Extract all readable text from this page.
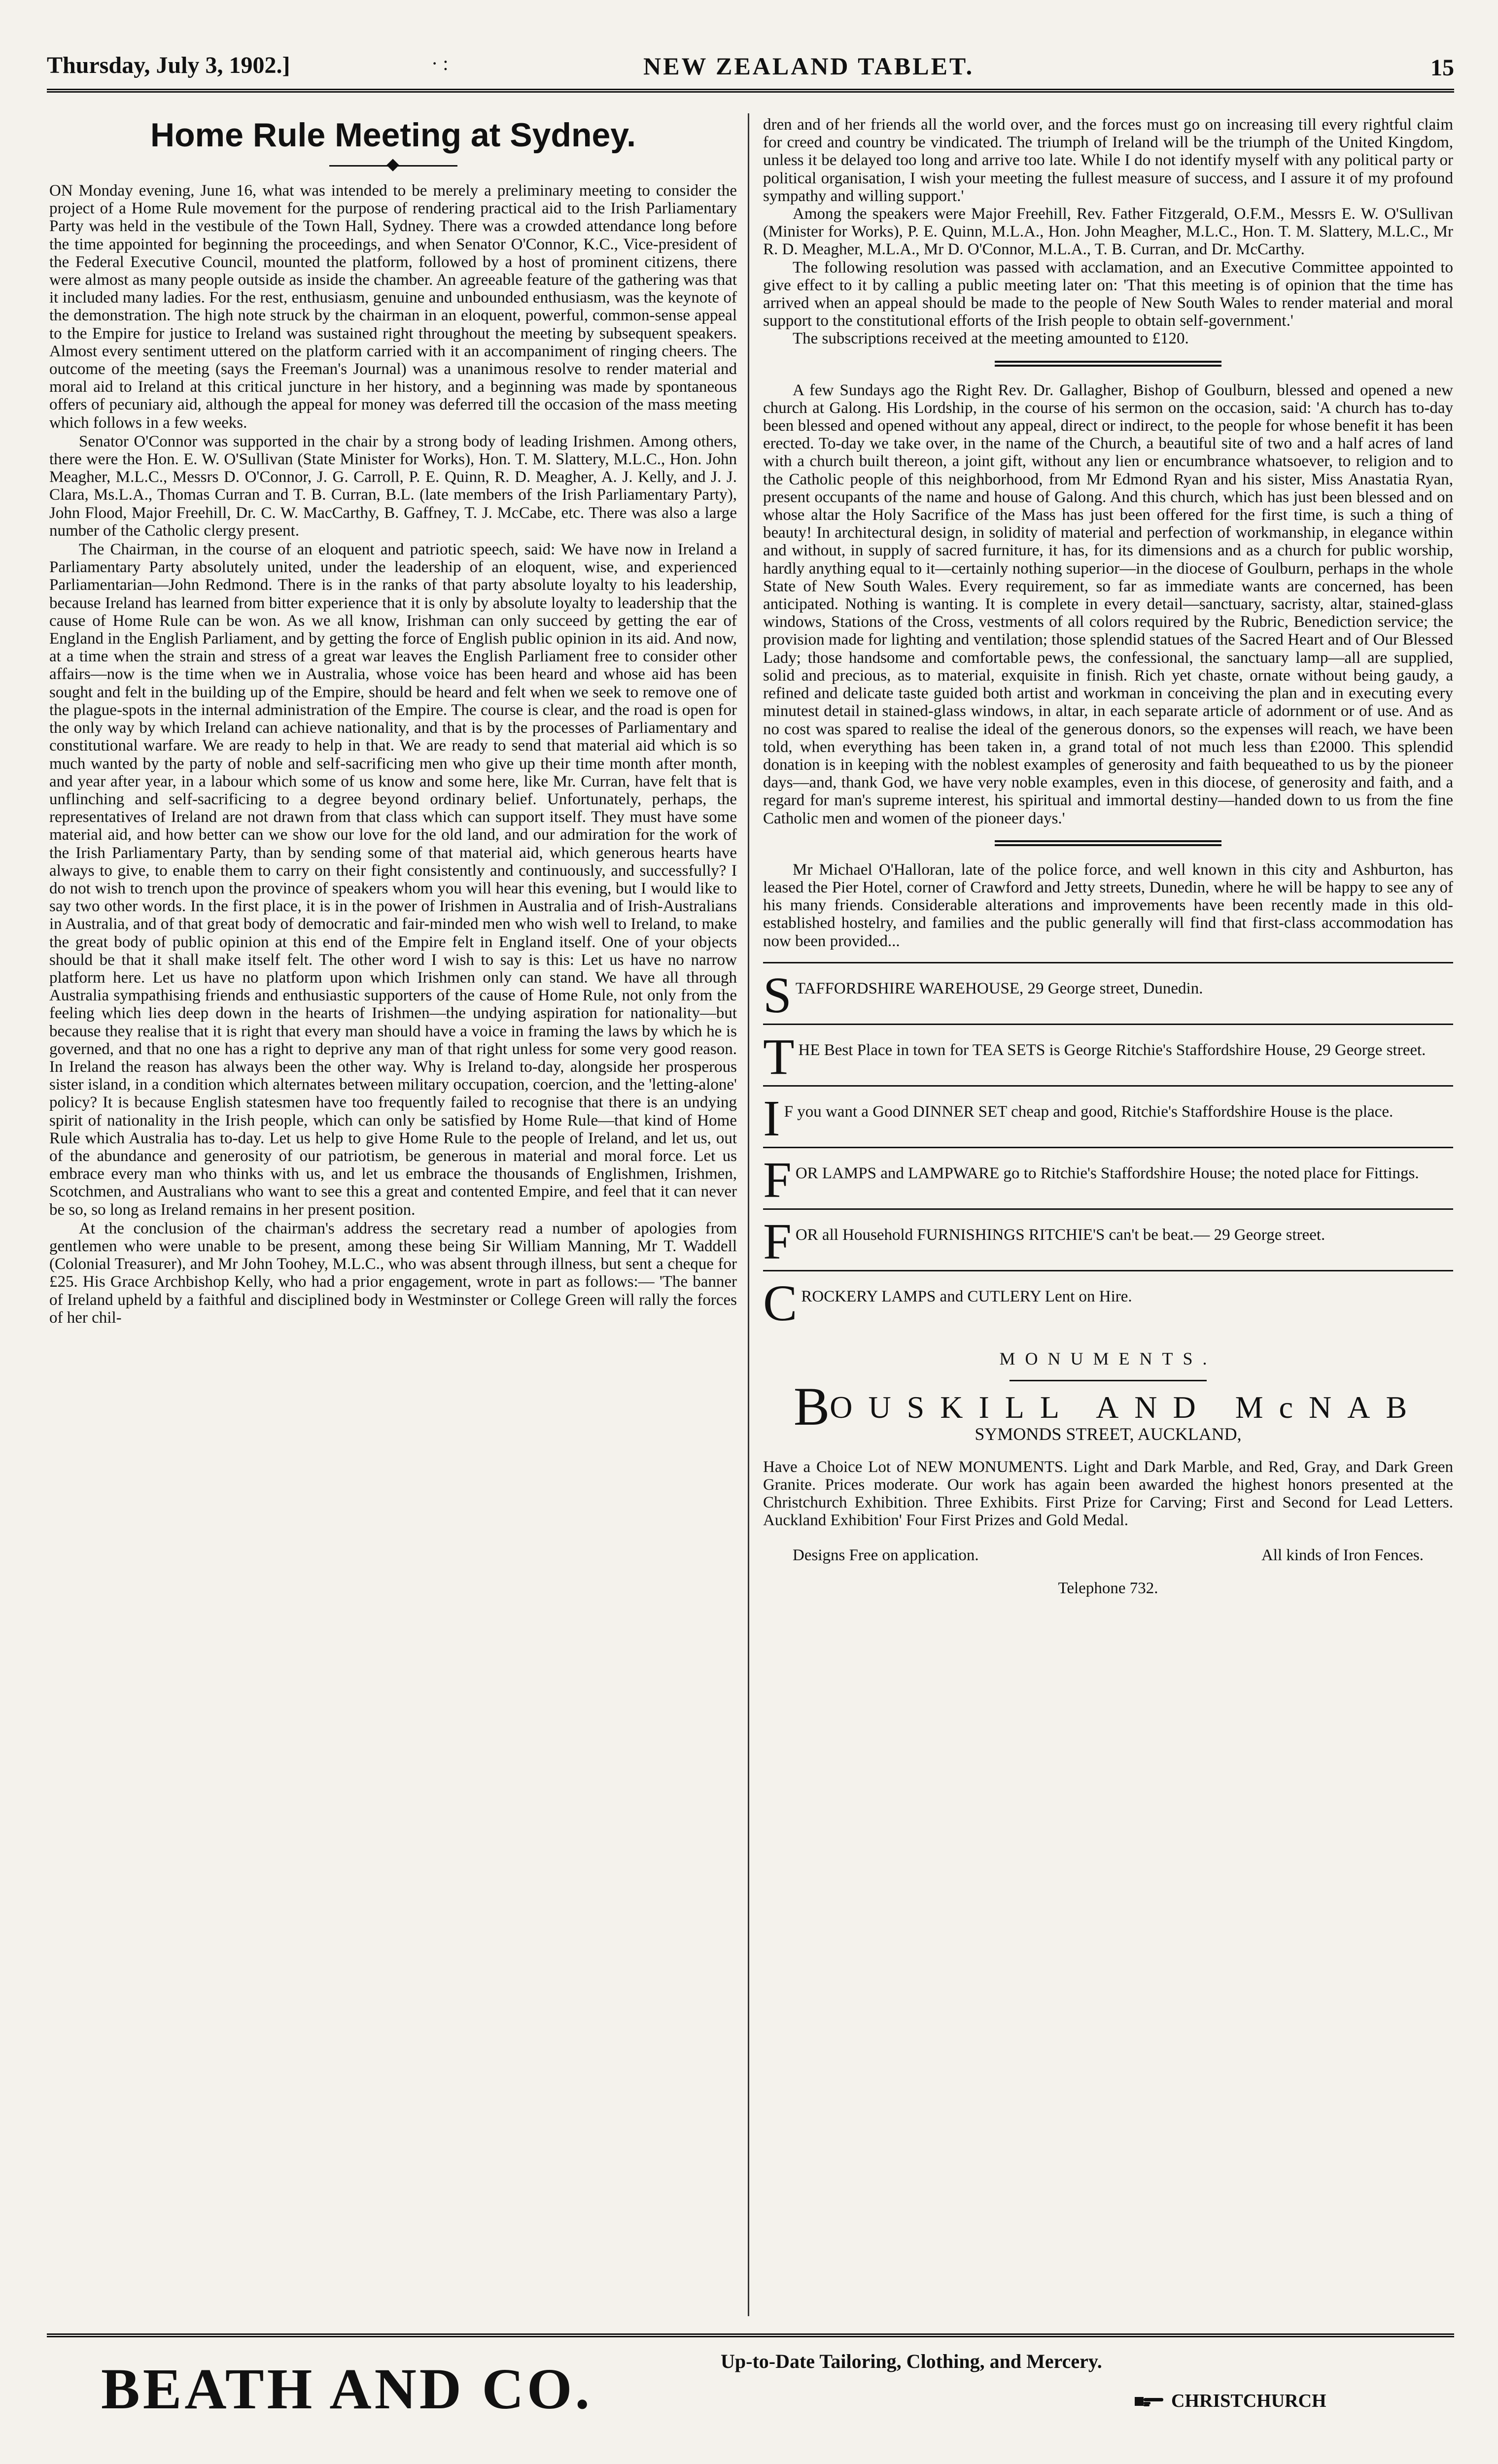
Thursday, July 3, 1902.]	· :	NEW ZEALAND TABLET.	15
Home Rule Meeting at Sydney.

ON Monday evening, June 16, what was intended to be merely a preliminary meeting to consider the project of a Home Rule movement for the purpose of rendering practical aid to the Irish Parliamentary Party was held in the vestibule of the Town Hall, Sydney. There was a crowded attendance long before the time appointed for beginning the proceedings, and when Senator O'Connor, K.C., Vice-president of the Federal Executive Council, mounted the platform, followed by a host of prominent citizens, there were almost as many people outside as inside the chamber. An agreeable feature of the gathering was that it included many ladies. For the rest, enthusiasm, genuine and unbounded enthusiasm, was the keynote of the demonstration. The high note struck by the chairman in an eloquent, powerful, common-sense appeal to the Empire for justice to Ireland was sustained right throughout the meeting by subsequent speakers. Almost every sentiment uttered on the platform carried with it an accompaniment of ringing cheers. The outcome of the meeting (says the Freeman's Journal) was a unanimous resolve to render material and moral aid to Ireland at this critical juncture in her history, and a beginning was made by spontaneous offers of pecuniary aid, although the appeal for money was deferred till the occasion of the mass meeting which follows in a few weeks.

Senator O'Connor was supported in the chair by a strong body of leading Irishmen. Among others, there were the Hon. E. W. O'Sullivan (State Minister for Works), Hon. T. M. Slattery, M.L.C., Hon. John Meagher, M.L.C., Messrs D. O'Connor, J. G. Carroll, P. E. Quinn, R. D. Meagher, A. J. Kelly, and J. J. Clara, Ms.L.A., Thomas Curran and T. B. Curran, B.L. (late members of the Irish Parliamentary Party), John Flood, Major Freehill, Dr. C. W. MacCarthy, B. Gaffney, T. J. McCabe, etc. There was also a large number of the Catholic clergy present.

The Chairman, in the course of an eloquent and patriotic speech, said: We have now in Ireland a Parliamentary Party absolutely united, under the leadership of an eloquent, wise, and experienced Parliamentarian—John Redmond. There is in the ranks of that party absolute loyalty to his leadership, because Ireland has learned from bitter experience that it is only by absolute loyalty to leadership that the cause of Home Rule can be won. As we all know, Irishman can only succeed by getting the ear of England in the English Parliament, and by getting the force of English public opinion in its aid. And now, at a time when the strain and stress of a great war leaves the English Parliament free to consider other affairs—now is the time when we in Australia, whose voice has been heard and whose aid has been sought and felt in the building up of the Empire, should be heard and felt when we seek to remove one of the plague-spots in the internal administration of the Empire. The course is clear, and the road is open for the only way by which Ireland can achieve nationality, and that is by the processes of Parliamentary and constitutional warfare. We are ready to help in that. We are ready to send that material aid which is so much wanted by the party of noble and self-sacrificing men who give up their time month after month, and year after year, in a labour which some of us know and some here, like Mr. Curran, have felt that is unflinching and self-sacrificing to a degree beyond ordinary belief. Unfortunately, perhaps, the representatives of Ireland are not drawn from that class which can support itself. They must have some material aid, and how better can we show our love for the old land, and our admiration for the work of the Irish Parliamentary Party, than by sending some of that material aid, which generous hearts have always to give, to enable them to carry on their fight consistently and continuously, and successfully? I do not wish to trench upon the province of speakers whom you will hear this evening, but I would like to say two other words. In the first place, it is in the power of Irishmen in Australia and of Irish-Australians in Australia, and of that great body of democratic and fair-minded men who wish well to Ireland, to make the great body of public opinion at this end of the Empire felt in England itself. One of your objects should be that it shall make itself felt. The other word I wish to say is this: Let us have no narrow platform here. Let us have no platform upon which Irishmen only can stand. We have all through Australia sympathising friends and enthusiastic supporters of the cause of Home Rule, not only from the feeling which lies deep down in the hearts of Irishmen—the undying aspiration for nationality—but because they realise that it is right that every man should have a voice in framing the laws by which he is governed, and that no one has a right to deprive any man of that right unless for some very good reason. In Ireland the reason has always been the other way. Why is Ireland to-day, alongside her prosperous sister island, in a condition which alternates between military occupation, coercion, and the 'letting-alone' policy? It is because English statesmen have too frequently failed to recognise that there is an undying spirit of nationality in the Irish people, which can only be satisfied by Home Rule—that kind of Home Rule which Australia has to-day. Let us help to give Home Rule to the people of Ireland, and let us, out of the abundance and generosity of our patriotism, be generous in material and moral force. Let us embrace every man who thinks with us, and let us embrace the thousands of Englishmen, Irishmen, Scotchmen, and Australians who want to see this a great and contented Empire, and feel that it can never be so, so long as Ireland remains in her present position.

At the conclusion of the chairman's address the secretary read a number of apologies from gentlemen who were unable to be present, among these being Sir William Manning, Mr T. Waddell (Colonial Treasurer), and Mr John Toohey, M.L.C., who was absent through illness, but sent a cheque for £25. His Grace Archbishop Kelly, who had a prior engagement, wrote in part as follows:— 'The banner of Ireland upheld by a faithful and disciplined body in Westminster or College Green will rally the forces of her chil-

dren and of her friends all the world over, and the forces must go on increasing till every rightful claim for creed and country be vindicated. The triumph of Ireland will be the triumph of the United Kingdom, unless it be delayed too long and arrive too late. While I do not identify myself with any political party or political organisation, I wish your meeting the fullest measure of success, and I assure it of my profound sympathy and willing support.'

Among the speakers were Major Freehill, Rev. Father Fitzgerald, O.F.M., Messrs E. W. O'Sullivan (Minister for Works), P. E. Quinn, M.L.A., Hon. John Meagher, M.L.C., Hon. T. M. Slattery, M.L.C., Mr R. D. Meagher, M.L.A., Mr D. O'Connor, M.L.A., T. B. Curran, and Dr. McCarthy.

The following resolution was passed with acclamation, and an Executive Committee appointed to give effect to it by calling a public meeting later on: 'That this meeting is of opinion that the time has arrived when an appeal should be made to the people of New South Wales to render material and moral support to the constitutional efforts of the Irish people to obtain self-government.'

The subscriptions received at the meeting amounted to £120.

A few Sundays ago the Right Rev. Dr. Gallagher, Bishop of Goulburn, blessed and opened a new church at Galong. His Lordship, in the course of his sermon on the occasion, said: 'A church has to-day been blessed and opened without any appeal, direct or indirect, to the people for whose benefit it has been erected. To-day we take over, in the name of the Church, a beautiful site of two and a half acres of land with a church built thereon, a joint gift, without any lien or encumbrance whatsoever, to religion and to the Catholic people of this neighborhood, from Mr Edmond Ryan and his sister, Miss Anastatia Ryan, present occupants of the name and house of Galong. And this church, which has just been blessed and on whose altar the Holy Sacrifice of the Mass has just been offered for the first time, is such a thing of beauty! In architectural design, in solidity of material and perfection of workmanship, in elegance within and without, in supply of sacred furniture, it has, for its dimensions and as a church for public worship, hardly anything equal to it—certainly nothing superior—in the diocese of Goulburn, perhaps in the whole State of New South Wales. Every requirement, so far as immediate wants are concerned, has been anticipated. Nothing is wanting. It is complete in every detail—sanctuary, sacristy, altar, stained-glass windows, Stations of the Cross, vestments of all colors required by the Rubric, Benediction service; the provision made for lighting and ventilation; those splendid statues of the Sacred Heart and of Our Blessed Lady; those handsome and comfortable pews, the confessional, the sanctuary lamp—all are supplied, solid and precious, as to material, exquisite in finish. Rich yet chaste, ornate without being gaudy, a refined and delicate taste guided both artist and workman in conceiving the plan and in executing every minutest detail in stained-glass windows, in altar, in each separate article of adornment or of use. And as no cost was spared to realise the ideal of the generous donors, so the expenses will reach, we have been told, when everything has been taken in, a grand total of not much less than £2000. This splendid donation is in keeping with the noblest examples of generosity and faith bequeathed to us by the pioneer days—and, thank God, we have very noble examples, even in this diocese, of generosity and faith, and a regard for man's supreme interest, his spiritual and immortal destiny—handed down to us from the fine Catholic men and women of the pioneer days.'

Mr Michael O'Halloran, late of the police force, and well known in this city and Ashburton, has leased the Pier Hotel, corner of Crawford and Jetty streets, Dunedin, where he will be happy to see any of his many friends. Considerable alterations and improvements have been recently made in this old-established hostelry, and families and the public generally will find that first-class accommodation has now been provided...

S TAFFORDSHIRE WAREHOUSE, 29 George street, Dunedin.
T HE Best Place in town for TEA SETS is George Ritchie's Staffordshire House, 29 George street.
I F you want a Good DINNER SET cheap and good, Ritchie's Staffordshire House is the place.
F OR LAMPS and LAMPWARE go to Ritchie's Staffordshire House; the noted place for Fittings.
F OR all Household FURNISHINGS RITCHIE'S can't be beat.— 29 George street.
C ROCKERY LAMPS and CUTLERY Lent on Hire.
MONUMENTS.
BOUSKILL AND McNAB
SYMONDS STREET, AUCKLAND,

Have a Choice Lot of NEW MONUMENTS. Light and Dark Marble, and Red, Gray, and Dark Green Granite. Prices moderate. Our work has again been awarded the highest honors presented at the Christchurch Exhibition. Three Exhibits. First Prize for Carving; First and Second for Lead Letters. Auckland Exhibition' Four First Prizes and Gold Medal.

Designs Free on application.	All kinds of Iron Fences.
Telephone 732.
BEATH AND CO.	Up-to-Date Tailoring, Clothing, and Mercery.
CHRISTCHURCH
